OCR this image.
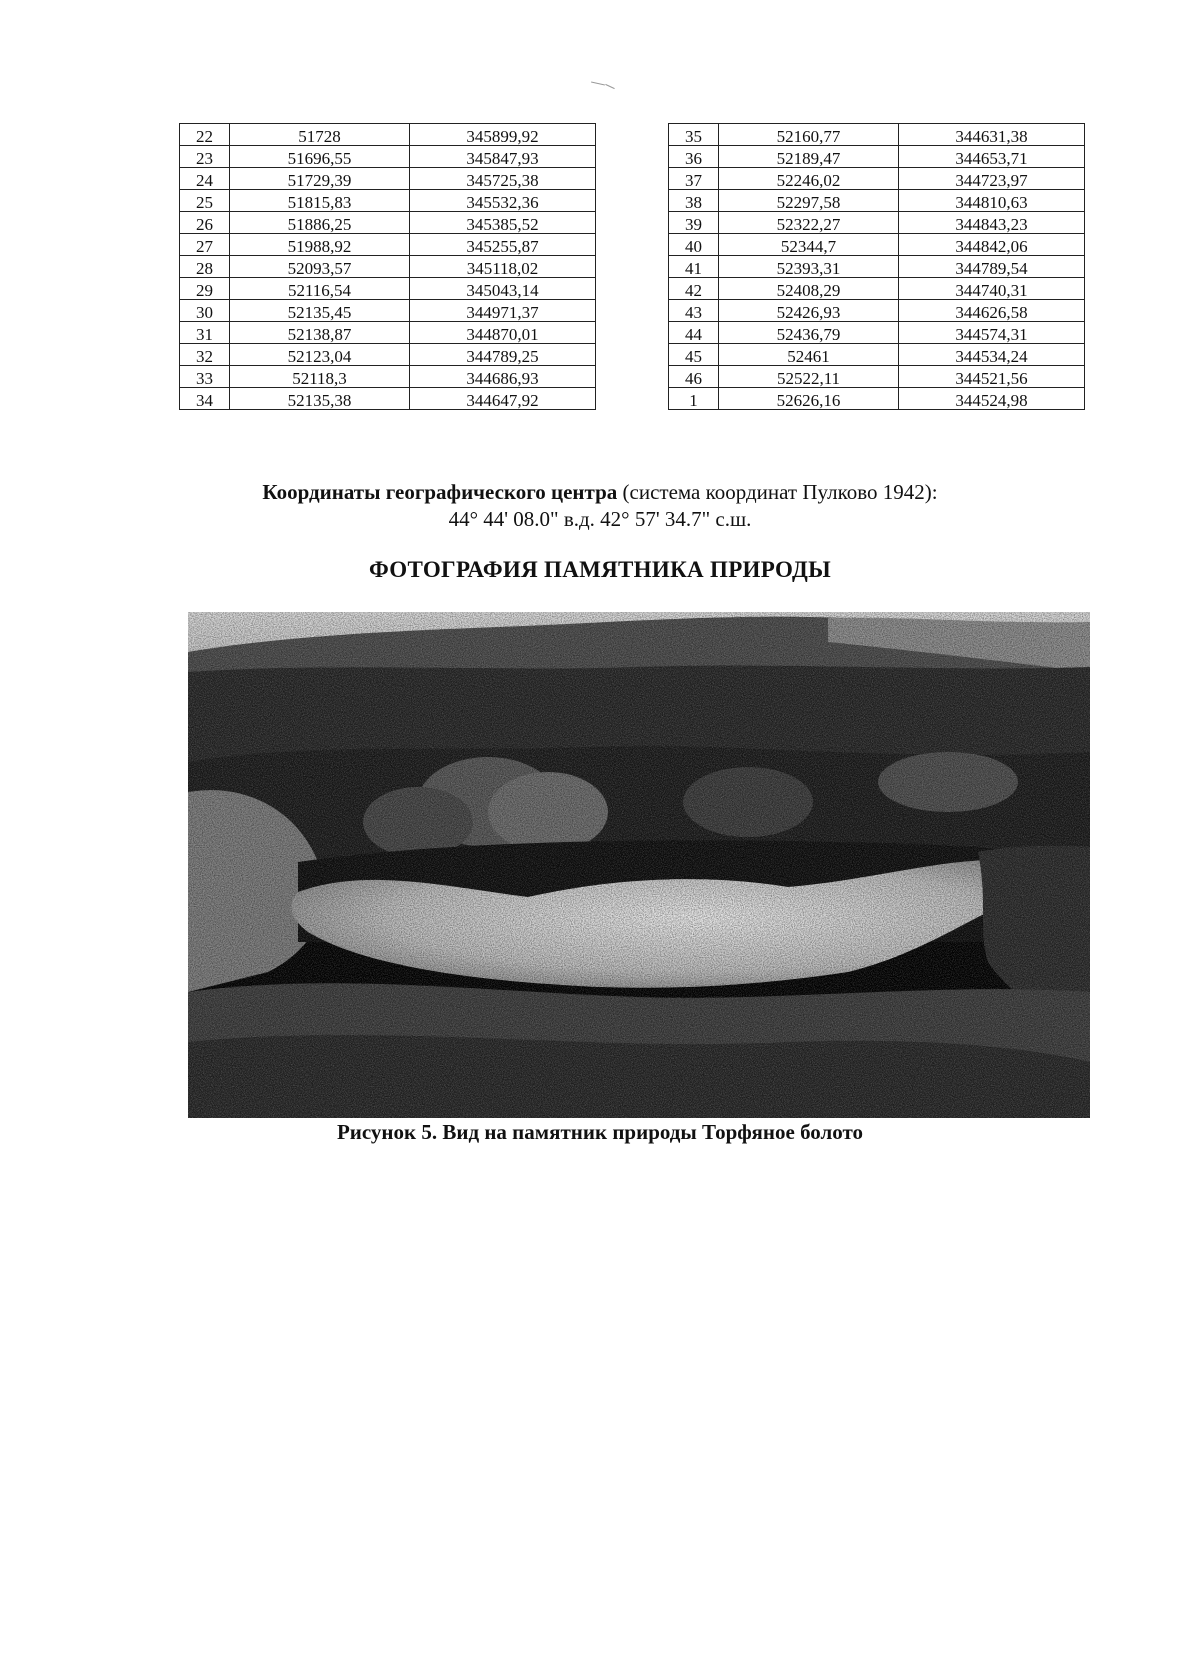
22	51728	345899,92
23	51696,55	345847,93
24	51729,39	345725,38
25	51815,83	345532,36
26	51886,25	345385,52
27	51988,92	345255,87
28	52093,57	345118,02
29	52116,54	345043,14
30	52135,45	344971,37
31	52138,87	344870,01
32	52123,04	344789,25
33	52118,3	344686,93
34	52135,38	344647,92
35	52160,77	344631,38
36	52189,47	344653,71
37	52246,02	344723,97
38	52297,58	344810,63
39	52322,27	344843,23
40	52344,7	344842,06
41	52393,31	344789,54
42	52408,29	344740,31
43	52426,93	344626,58
44	52436,79	344574,31
45	52461	344534,24
46	52522,11	344521,56
1	52626,16	344524,98
Координаты географического центра (система координат Пулково 1942):
44° 44' 08.0" в.д. 42° 57' 34.7" с.ш.
ФОТОГРАФИЯ ПАМЯТНИКА ПРИРОДЫ
Рисунок 5. Вид на памятник природы Торфяное болото
